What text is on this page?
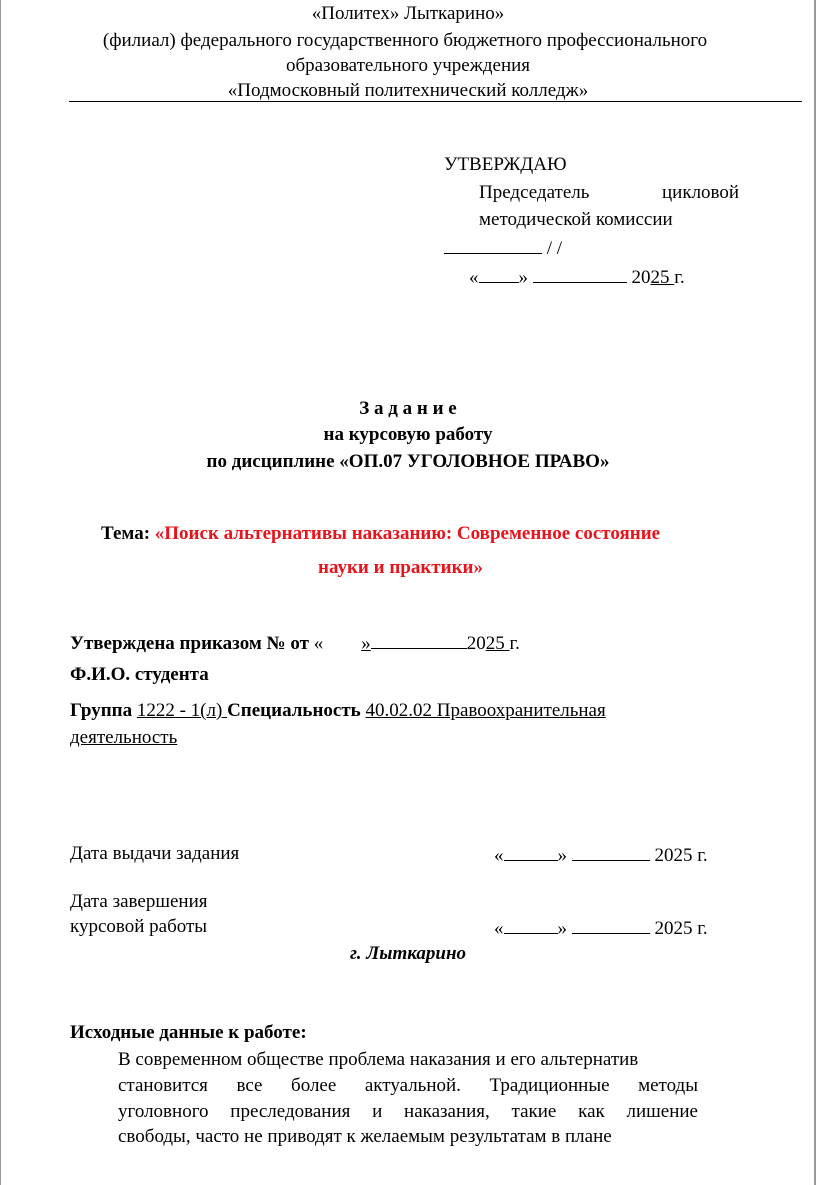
«Политех» Лыткарино»
(филиал) федерального государственного бюджетного профессионального
образовательного учреждения
«Подмосковный политехнический колледж»
УТВЕРЖДАЮ
Председатель	цикловой
методической комиссии
/ /
« »	2025 г.
З а д а н и е
на курсовую работу
по дисциплине «ОП.07 УГОЛОВНОЕ ПРАВО»
Тема: «Поиск альтернативы наказанию: Современное состояние
науки и практики»
Утверждена приказом № от « »	2025 г.
Ф.И.О. студента
Группа 1222 - 1(л) Специальность 40.02.02 Правоохранительная
деятельность
Дата выдачи задания	«	»	2025 г.
Дата завершения
курсовой работы	«	»	2025 г.
г. Лыткарино
Исходные данные к работе:
В современном обществе проблема наказания и его альтернатив
становится все более актуальной. Традиционные методы
уголовного преследования и наказания, такие как лишение
свободы, часто не приводят к желаемым результатам в плане
